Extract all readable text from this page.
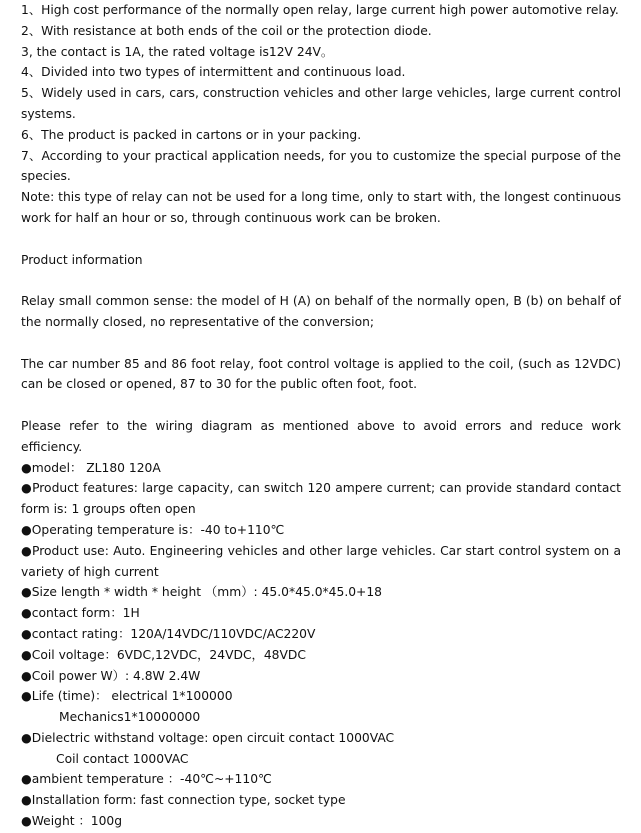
1、High cost performance of the normally open relay, large current high power automotive relay.
2、With resistance at both ends of the coil or the protection diode.
3, the contact is 1A, the rated voltage is12V 24V。
4、Divided into two types of intermittent and continuous load.
5、Widely used in cars, cars, construction vehicles and other large vehicles, large current control
systems.
6、The product is packed in cartons or in your packing.
7、According to your practical application needs, for you to customize the special purpose of the
species.
Note: this type of relay can not be used for a long time, only to start with, the longest continuous
work for half an hour or so, through continuous work can be broken.
Product information
Relay small common sense: the model of H (A) on behalf of the normally open, B (b) on behalf of
the normally closed, no representative of the conversion;
The car number 85 and 86 foot relay, foot control voltage is applied to the coil, (such as 12VDC)
can be closed or opened, 87 to 30 for the public often foot, foot.
Please refer to the wiring diagram as mentioned above to avoid errors and reduce work
efficiency.
●model： ZL180 120A
●Product features: large capacity, can switch 120 ampere current; can provide standard contact
form is: 1 groups often open
●Operating temperature is：-40 to+110℃
●Product use: Auto. Engineering vehicles and other large vehicles. Car start control system on a
variety of high current
●Size length * width * height （mm）: 45.0*45.0*45.0+18
●contact form：1H
●contact rating：120A/14VDC/110VDC/AC220V
●Coil voltage：6VDC,12VDC，24VDC，48VDC
●Coil power W）: 4.8W 2.4W
●Life (time)： electrical 1*100000
Mechanics1*10000000
●Dielectric withstand voltage: open circuit contact 1000VAC
Coil contact 1000VAC
●ambient temperature ：-40℃~+110℃
●Installation form: fast connection type, socket type
●Weight ：100g
